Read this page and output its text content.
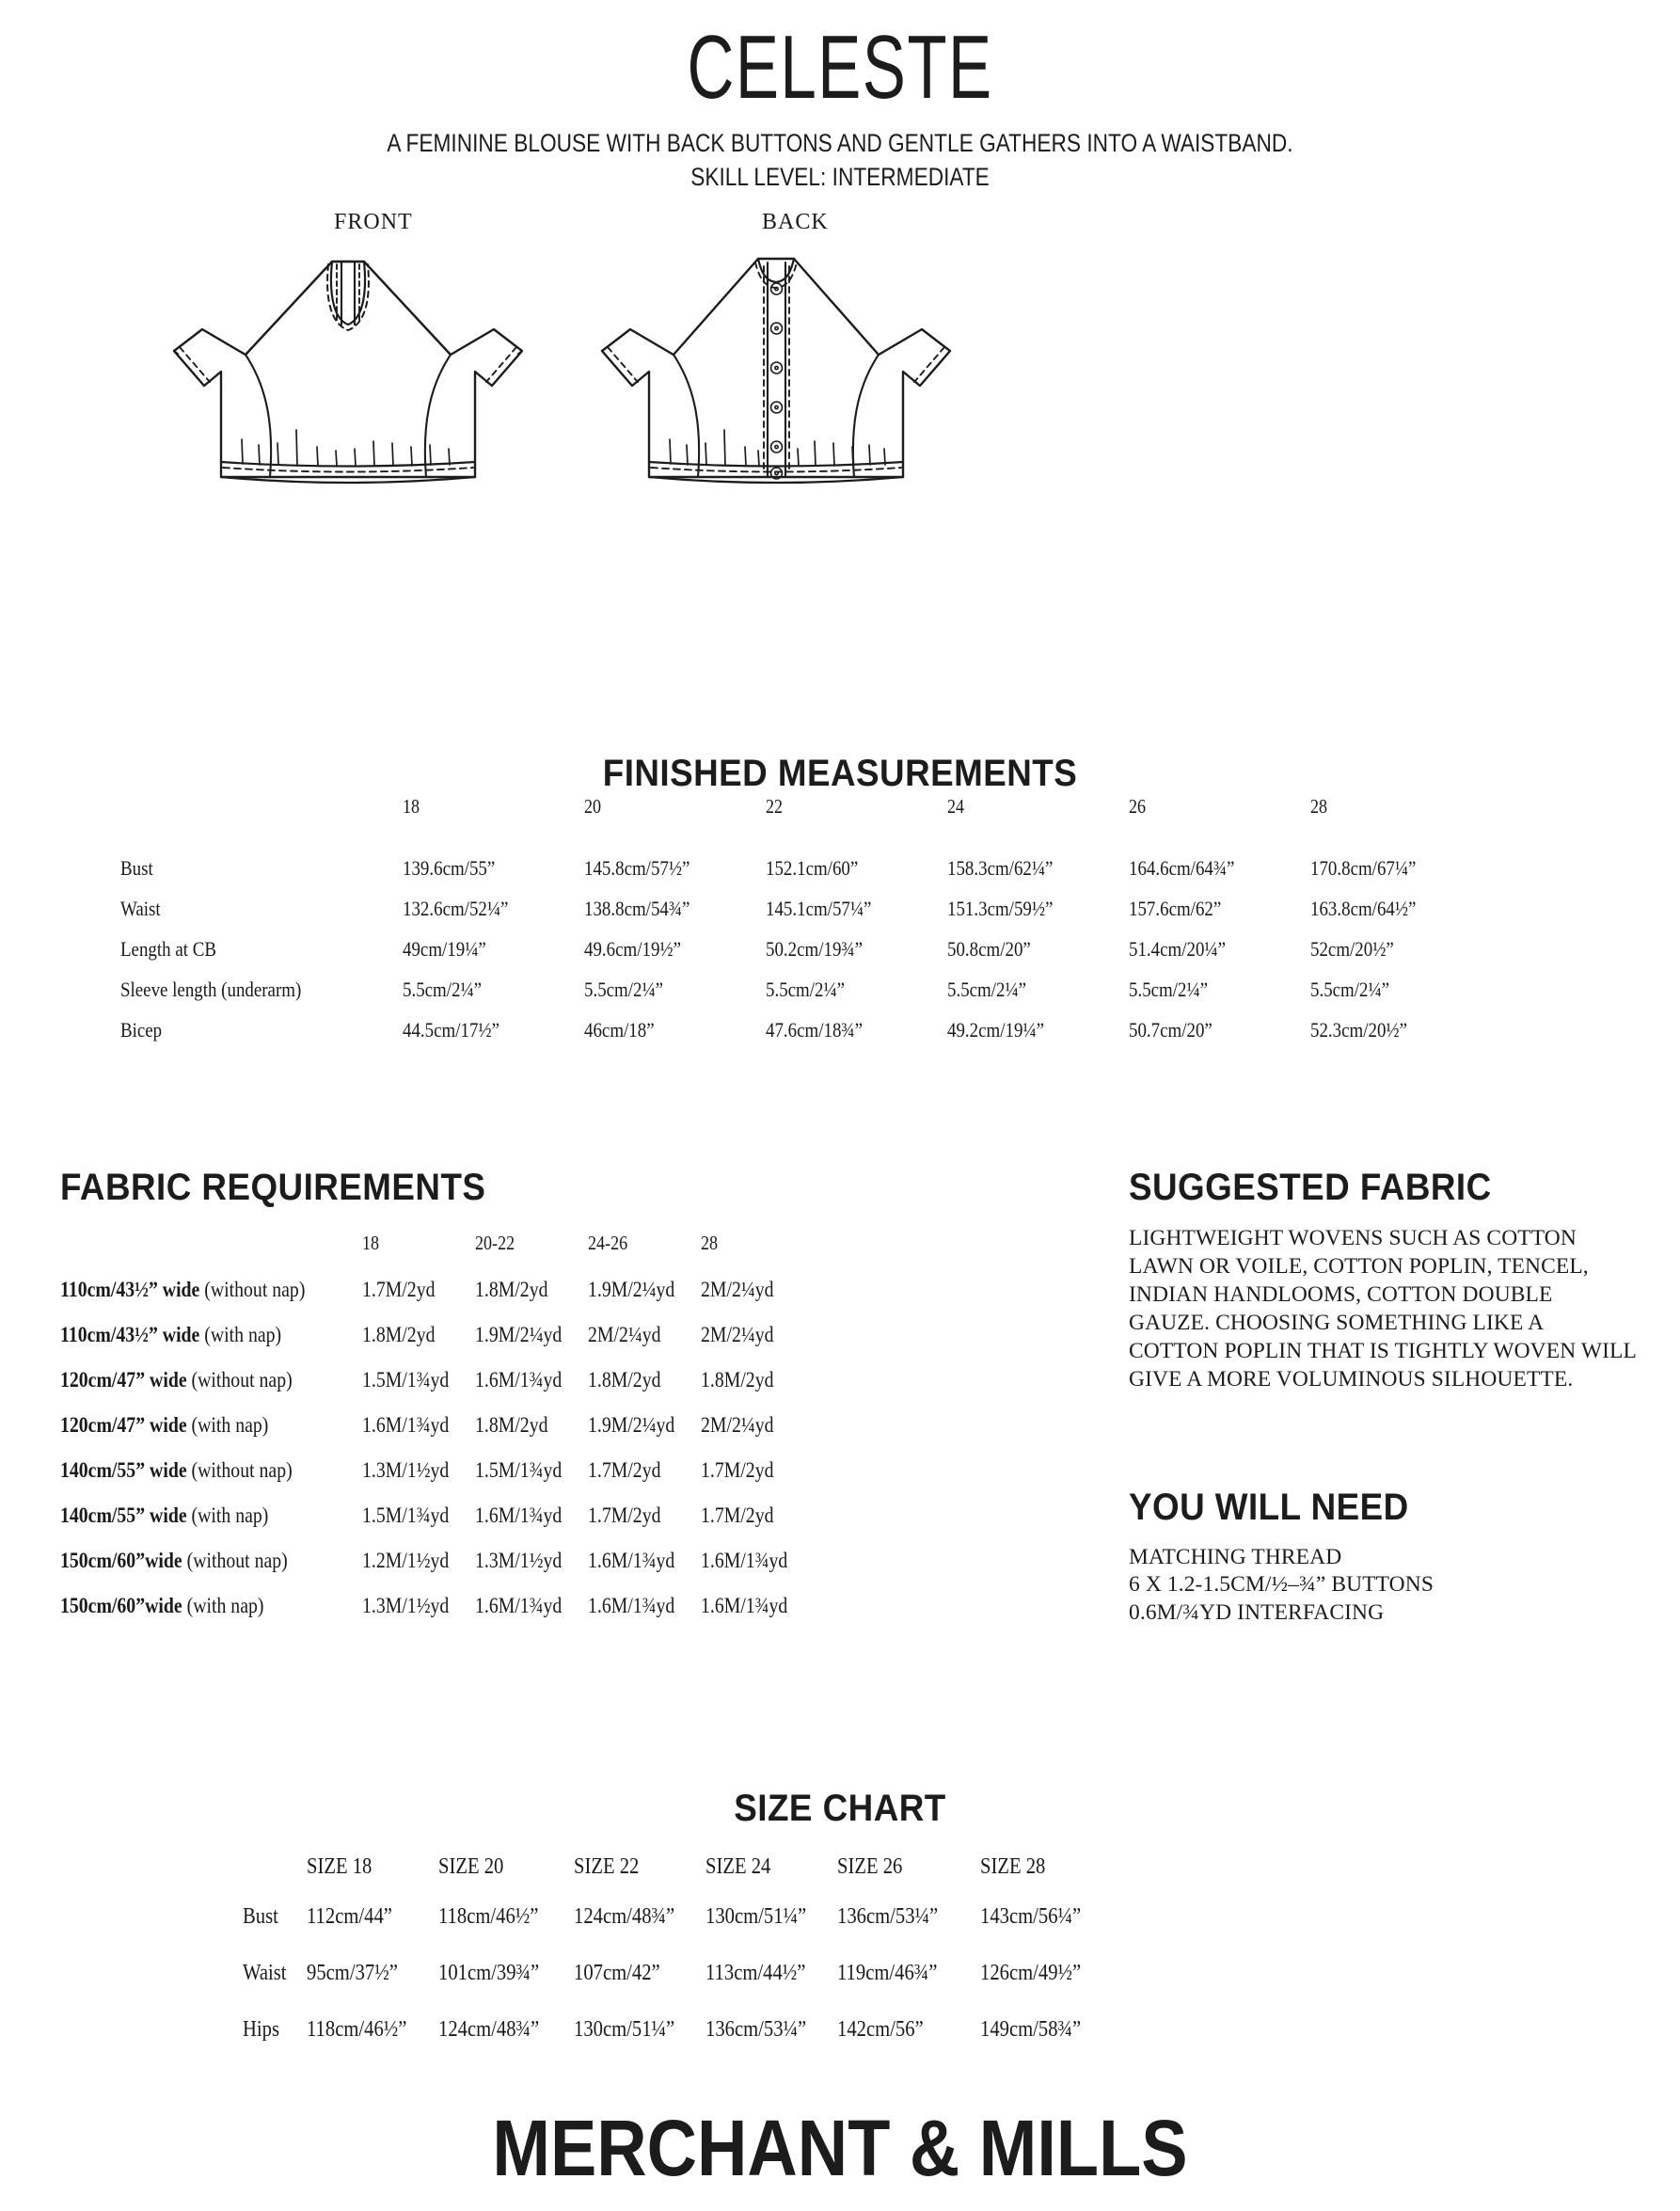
CELESTE
A FEMININE BLOUSE WITH BACK BUTTONS AND GENTLE GATHERS INTO A WAISTBAND.
SKILL LEVEL: INTERMEDIATE
FRONT	BACK
FINISHED MEASUREMENTS
	18	20	22	24	26	28
Bust	139.6cm/55”	145.8cm/57½”	152.1cm/60”	158.3cm/62¼”	164.6cm/64¾”	170.8cm/67¼”
Waist	132.6cm/52¼”	138.8cm/54¾”	145.1cm/57¼”	151.3cm/59½”	157.6cm/62”	163.8cm/64½”
Length at CB	49cm/19¼”	49.6cm/19½”	50.2cm/19¾”	50.8cm/20”	51.4cm/20¼”	52cm/20½”
Sleeve length (underarm)	5.5cm/2¼”	5.5cm/2¼”	5.5cm/2¼”	5.5cm/2¼”	5.5cm/2¼”	5.5cm/2¼”
Bicep	44.5cm/17½”	46cm/18”	47.6cm/18¾”	49.2cm/19¼”	50.7cm/20”	52.3cm/20½”
FABRIC REQUIREMENTS
	18	20-22	24-26	28
110cm/43½” wide (without nap)	1.7M/2yd	1.8M/2yd	1.9M/2¼yd	2M/2¼yd
110cm/43½” wide (with nap)	1.8M/2yd	1.9M/2¼yd	2M/2¼yd	2M/2¼yd
120cm/47” wide (without nap)	1.5M/1¾yd	1.6M/1¾yd	1.8M/2yd	1.8M/2yd
120cm/47” wide (with nap)	1.6M/1¾yd	1.8M/2yd	1.9M/2¼yd	2M/2¼yd
140cm/55” wide (without nap)	1.3M/1½yd	1.5M/1¾yd	1.7M/2yd	1.7M/2yd
140cm/55” wide (with nap)	1.5M/1¾yd	1.6M/1¾yd	1.7M/2yd	1.7M/2yd
150cm/60”wide (without nap)	1.2M/1½yd	1.3M/1½yd	1.6M/1¾yd	1.6M/1¾yd
150cm/60”wide (with nap)	1.3M/1½yd	1.6M/1¾yd	1.6M/1¾yd	1.6M/1¾yd
SUGGESTED FABRIC

LIGHTWEIGHT WOVENS SUCH AS COTTON LAWN OR VOILE, COTTON POPLIN, TENCEL, INDIAN HANDLOOMS, COTTON DOUBLE GAUZE. CHOOSING SOMETHING LIKE A COTTON POPLIN THAT IS TIGHTLY WOVEN WILL GIVE A MORE VOLUMINOUS SILHOUETTE.

YOU WILL NEED
MATCHING THREAD
6 X 1.2-1.5CM/½–¾” BUTTONS
0.6M/¾YD INTERFACING
SIZE CHART
	SIZE 18	SIZE 20	SIZE 22	SIZE 24	SIZE 26	SIZE 28
Bust	112cm/44”	118cm/46½”	124cm/48¾”	130cm/51¼”	136cm/53¼”	143cm/56¼”
Waist	95cm/37½”	101cm/39¾”	107cm/42”	113cm/44½”	119cm/46¾”	126cm/49½”
Hips	118cm/46½”	124cm/48¾”	130cm/51¼”	136cm/53¼”	142cm/56”	149cm/58¾”
MERCHANT & MILLS
